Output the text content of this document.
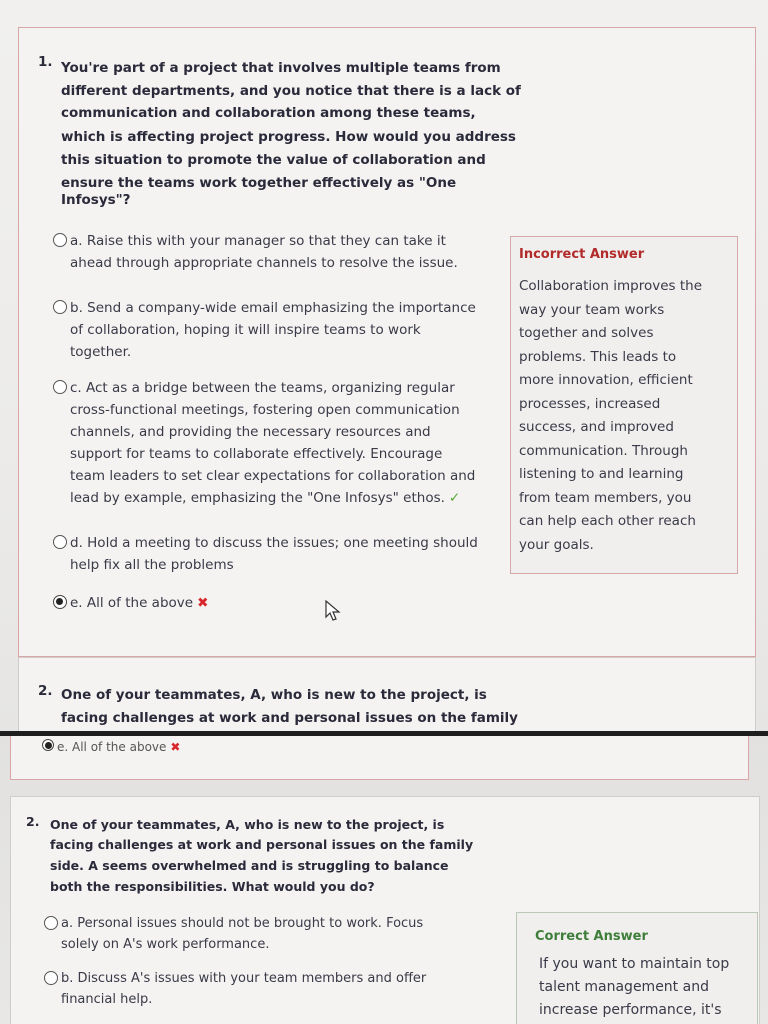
1. You're part of a project that involves multiple teams from
different departments, and you notice that there is a lack of
communication and collaboration among these teams,
which is affecting project progress. How would you address
this situation to promote the value of collaboration and
ensure the teams work together effectively as "One
Infosys"?
a. Raise this with your manager so that they can take it
ahead through appropriate channels to resolve the issue.
b. Send a company-wide email emphasizing the importance
of collaboration, hoping it will inspire teams to work
together.
c. Act as a bridge between the teams, organizing regular
cross-functional meetings, fostering open communication
channels, and providing the necessary resources and
support for teams to collaborate effectively. Encourage
team leaders to set clear expectations for collaboration and
lead by example, emphasizing the "One Infosys" ethos. ✓
d. Hold a meeting to discuss the issues; one meeting should
help fix all the problems
e. All of the above ✖
Incorrect Answer
Collaboration improves the
way your team works
together and solves
problems. This leads to
more innovation, efficient
processes, increased
success, and improved
communication. Through
listening to and learning
from team members, you
can help each other reach
your goals.
2. One of your teammates, A, who is new to the project, is
facing challenges at work and personal issues on the family
e. All of the above ✖
2. One of your teammates, A, who is new to the project, is
facing challenges at work and personal issues on the family
side. A seems overwhelmed and is struggling to balance
both the responsibilities. What would you do?
a. Personal issues should not be brought to work. Focus
solely on A's work performance.
b. Discuss A's issues with your team members and offer
financial help.
Correct Answer
If you want to maintain top
talent management and
increase performance, it's
